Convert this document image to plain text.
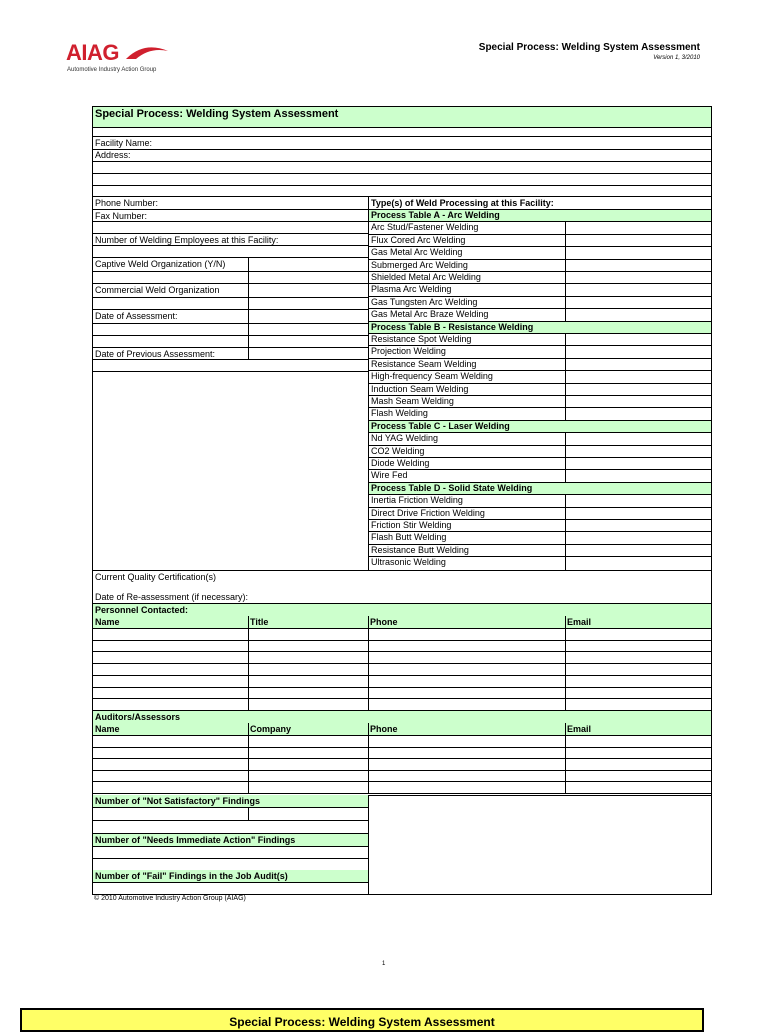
AIAG
Automotive Industry Action Group
Special Process: Welding System Assessment
Version 1, 3/2010
Special Process: Welding System Assessment
Facility Name:
Address:
Phone Number:
Fax Number:
Number of Welding Employees at this Facility:
Captive Weld Organization (Y/N)
Commercial Weld Organization
Date of Assessment:
Date of Previous Assessment:
Type(s) of Weld Processing at this Facility:
Process Table A - Arc Welding
Arc Stud/Fastener Welding
Flux Cored Arc Welding
Gas Metal Arc Welding
Submerged Arc Welding
Shielded Metal Arc Welding
Plasma Arc Welding
Gas Tungsten Arc Welding
Gas Metal Arc Braze Welding
Process Table B - Resistance Welding
Resistance Spot Welding
Projection Welding
Resistance Seam Welding
High-frequency Seam Welding
Induction Seam Welding
Mash Seam Welding
Flash Welding
Process Table C - Laser Welding
Nd YAG Welding
CO2 Welding
Diode Welding
Wire Fed
Process Table D - Solid State Welding
Inertia Friction Welding
Direct Drive Friction Welding
Friction Stir Welding
Flash Butt Welding
Resistance Butt Welding
Ultrasonic Welding
Current Quality Certification(s)
Date of Re-assessment (if necessary):
Personnel Contacted:
Name	Title	Phone	Email
Auditors/Assessors
Name	Company	Phone	Email
Number of "Not Satisfactory" Findings
Number of "Needs Immediate Action" Findings
Number of "Fail" Findings in the Job Audit(s)
© 2010 Automotive Industry Action Group (AIAG)
1
Special Process: Welding System Assessment
